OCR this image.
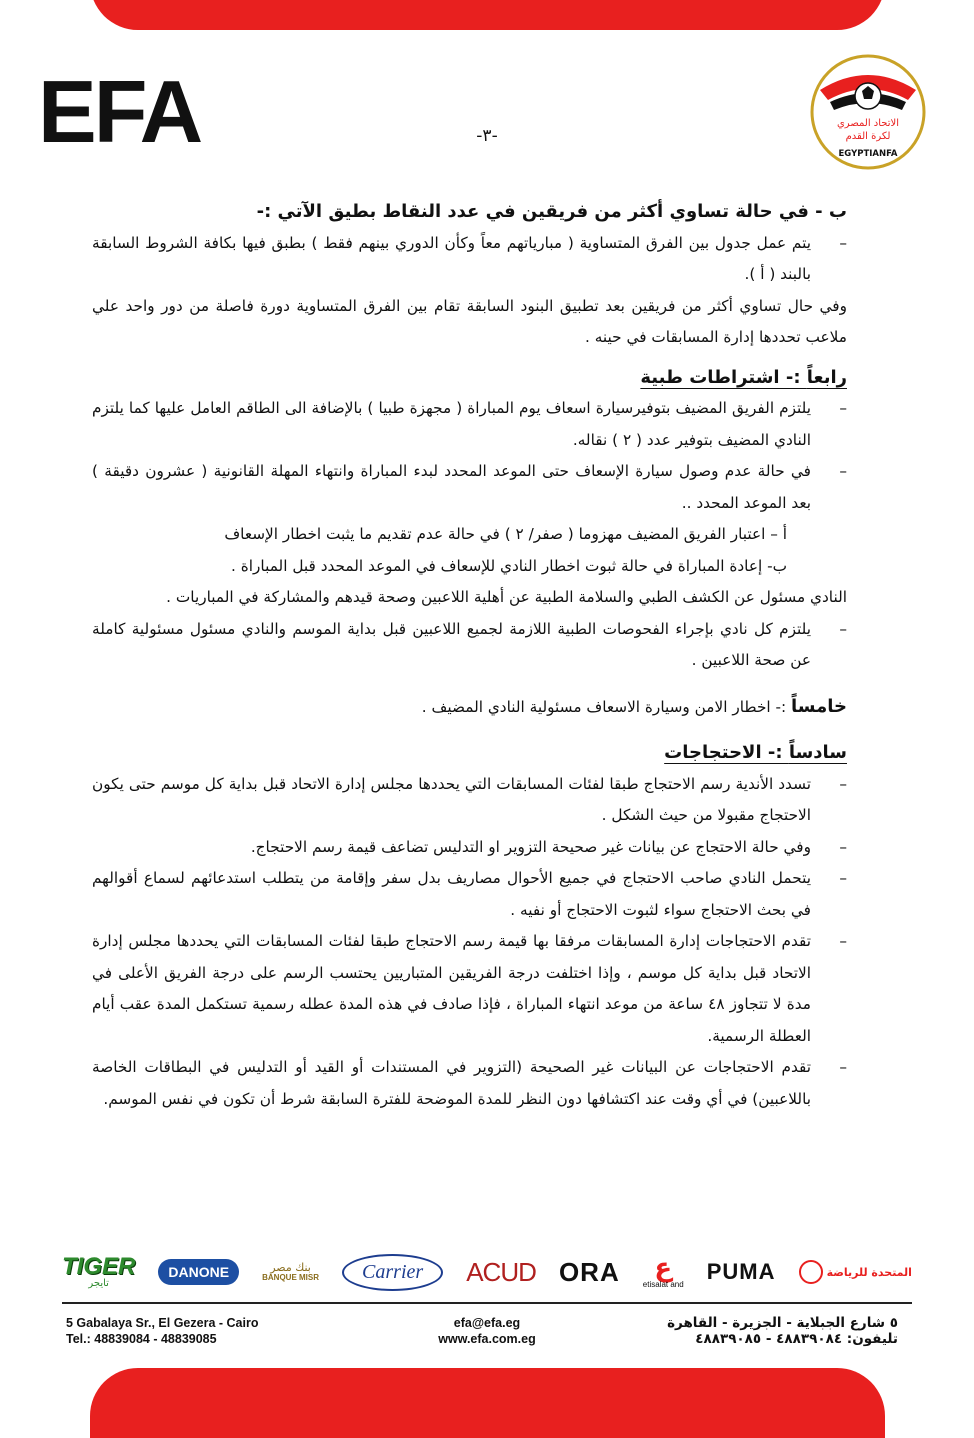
EFA	الاتحاد المصري
لكرة القدم
EGYPTIANFA
-٣-

ب - في حالة تساوي أكثر من فريقين في عدد النقاط بطيق الآتي :-

–
يتم عمل جدول بين الفرق المتساوية ( مبارياتهم معاً وكأن الدوري بينهم فقط ) بطبق فيها بكافة الشروط السابقة بالبند ( أ ).

وفي حال تساوي أكثر من فريقين بعد تطبيق البنود السابقة تقام بين الفرق المتساوية دورة فاصلة من دور واحد علي ملاعب تحددها إدارة المسابقات في حينه .

رابعاً :- اشتراطات طبية

–
يلتزم الفريق المضيف بتوفيرسيارة اسعاف يوم المباراة ( مجهزة طبيا ) بالإضافة الى الطاقم العامل عليها كما يلتزم النادي المضيف بتوفير عدد ( ٢ ) نقاله.
–
في حالة عدم وصول سيارة الإسعاف حتى الموعد المحدد لبدء المباراة وانتهاء المهلة القانونية ( عشرون دقيقة ) بعد الموعد المحدد ..

أ – اعتبار الفريق المضيف مهزوما ( صفر/ ٢ ) في حالة عدم تقديم ما يثبت اخطار الإسعاف

ب- إعادة المباراة في حالة ثبوت اخطار النادي للإسعاف في الموعد المحدد قبل المباراة .

النادي مسئول عن الكشف الطبي والسلامة الطبية عن أهلية اللاعبين وصحة قيدهم والمشاركة في المباريات .

–
يلتزم كل نادي بإجراء الفحوصات الطبية اللازمة لجميع اللاعبين قبل بداية الموسم والنادي مسئول مسئولية كاملة عن صحة اللاعبين .

خامساً :- اخطار الامن وسيارة الاسعاف مسئولية النادي المضيف .

سادساً :- الاحتجاجات

–
تسدد الأندية رسم الاحتجاج طبقا لفئات المسابقات التي يحددها مجلس إدارة الاتحاد قبل بداية كل موسم حتى يكون الاحتجاج مقبولا من حيث الشكل .
–
وفي حالة الاحتجاج عن بيانات غير صحيحة التزوير او التدليس تضاعف قيمة رسم الاحتجاج.
–
يتحمل النادي صاحب الاحتجاج في جميع الأحوال مصاريف بدل سفر وإقامة من يتطلب استدعائهم لسماع أقوالهم في بحث الاحتجاج سواء لثبوت الاحتجاج أو نفيه .
–
تقدم الاحتجاجات إدارة المسابقات مرفقا بها قيمة رسم الاحتجاج طبقا لفئات المسابقات التي يحددها مجلس إدارة الاتحاد قبل بداية كل موسم ، وإذا اختلفت درجة الفريقين المتباريين يحتسب الرسم على درجة الفريق الأعلى في مدة لا تتجاوز ٤٨ ساعة من موعد انتهاء المباراة ، فإذا صادف في هذه المدة عطله رسمية تستكمل المدة عقب أيام العطلة الرسمية.
–
تقدم الاحتجاجات عن البيانات غير الصحيحة (التزوير في المستندات أو القيد أو التدليس في البطاقات الخاصة باللاعبين) في أي وقت عند اكتشافها دون النظر للمدة الموضحة للفترة السابقة شرط أن تكون في نفس الموسم.
TIGER
تايجر
DANONE	بنك مصر
BANQUE MISR Carrier ACUD ORA ع
etisalat and
PUMA	المتحدة للرياضة
5 Gabalaya Sr., El Gezera - Cairo
Tel.: 48839084 - 48839085
efa@efa.eg
www.efa.com.eg
٥ شارع الجبلاية - الجزيرة - القاهرة
تليفون: ٤٨٨٣٩٠٨٤ - ٤٨٨٣٩٠٨٥
